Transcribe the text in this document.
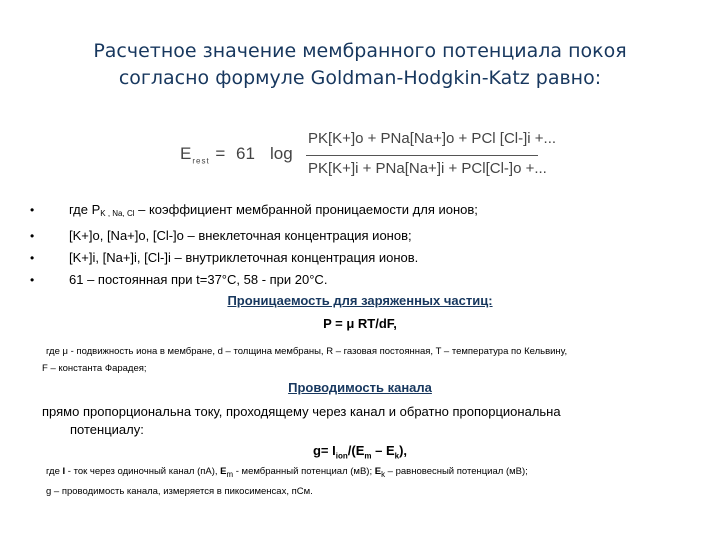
Расчетное значение мембранного потенциала покоя
согласно формуле Goldman-Hodgkin-Katz равно:
$E_{rest} = 61$ log
PK[K+]o + PNa[Na+]o + PCl [Cl-]i +...
PK[K+]i + PNa[Na+]i + PCl[Cl-]o +...
•	где PK , Na, Cl – коэффициент мембранной проницаемости для ионов;
•	[K+]o, [Na+]o, [Cl-]o – внеклеточная концентрация ионов;
•	[K+]i, [Na+]i, [Cl-]i – внутриклеточная концентрация ионов.
•	61 – постоянная при t=37°С, 58 - при 20°С.
Проницаемость для заряженных частиц:
P = μ RT/dF,
где μ - подвижность иона в мембране, d – толщина мембраны, R – газовая постоянная, T – температура по Кельвину,
F – константа Фарадея;
Проводимость канала
прямо пропорциональна току, проходящему через канал и обратно пропорциональна
потенциалу:
$g= I_{ion}/(E_m - E_k)$,
где I - ток через одиночный канал (пА), $E_m$ - мембранный потенциал (мВ); $E_k$ – равновесный потенциал (мВ);
g – проводимость канала, измеряется в пикосименсах, пСм.
